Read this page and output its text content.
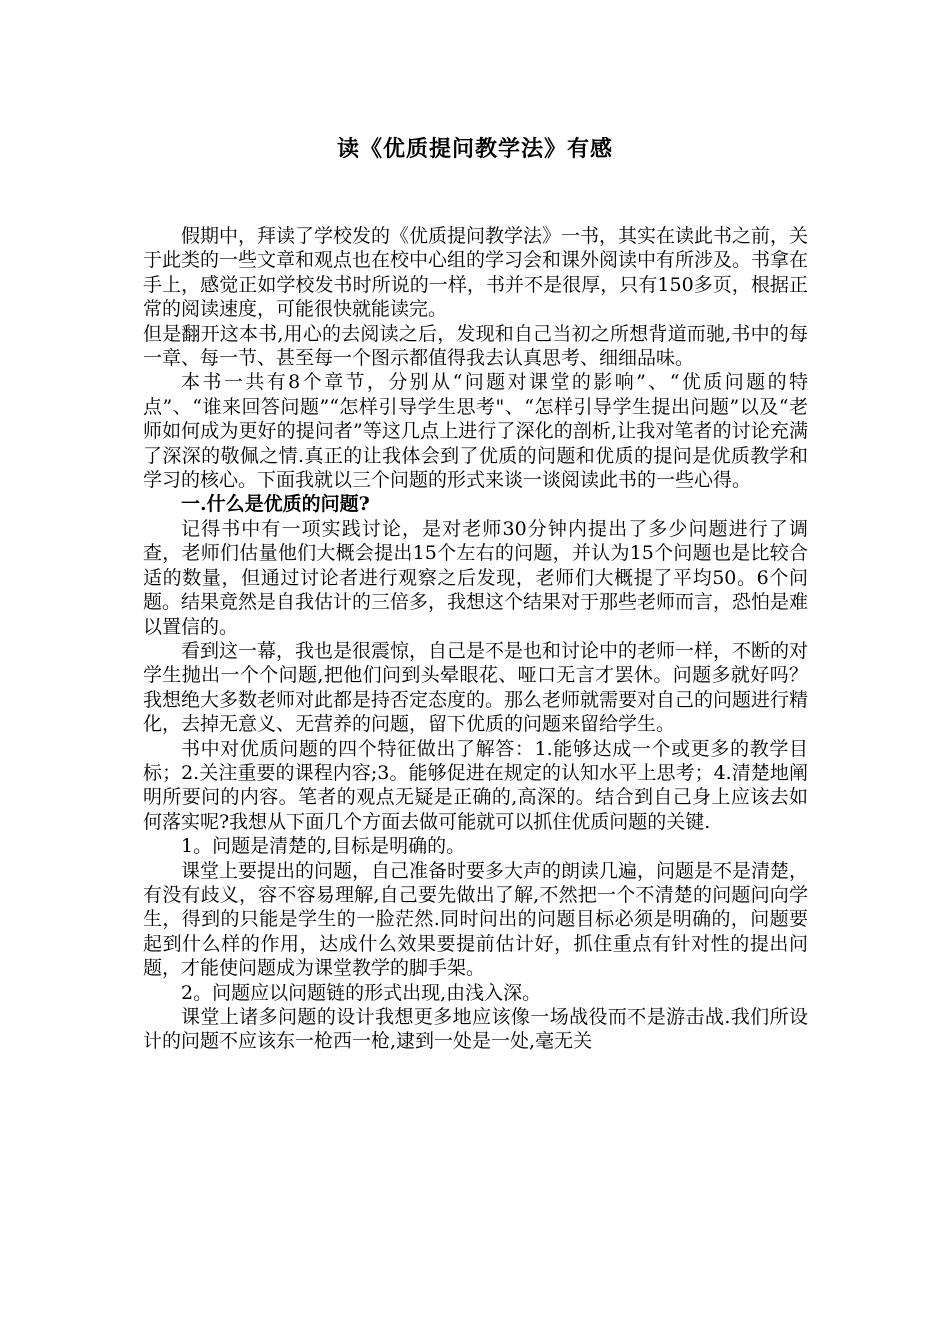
读《优质提问教学法》有感

假期中，拜读了学校发的《优质提问教学法》一书，其实在读此书之前，关于此类的一些文章和观点也在校中心组的学习会和课外阅读中有所涉及。书拿在手上，感觉正如学校发书时所说的一样，书并不是很厚，只有150多页，根据正常的阅读速度，可能很快就能读完。

但是翻开这本书,用心的去阅读之后，发现和自己当初之所想背道而驰,书中的每一章、每一节、甚至每一个图示都值得我去认真思考、细细品味。

本书一共有8个章节，分别从“问题对课堂的影响”、“优质问题的特点”、“谁来回答问题”“怎样引导学生思考"、“怎样引导学生提出问题”以及“老师如何成为更好的提问者”等这几点上进行了深化的剖析,让我对笔者的讨论充满了深深的敬佩之情.真正的让我体会到了优质的问题和优质的提问是优质教学和学习的核心。下面我就以三个问题的形式来谈一谈阅读此书的一些心得。

一.什么是优质的问题?

记得书中有一项实践讨论，是对老师30分钟内提出了多少问题进行了调查，老师们估量他们大概会提出15个左右的问题，并认为15个问题也是比较合适的数量，但通过讨论者进行观察之后发现，老师们大概提了平均50。6个问题。结果竟然是自我估计的三倍多，我想这个结果对于那些老师而言，恐怕是难以置信的。

看到这一幕，我也是很震惊，自己是不是也和讨论中的老师一样，不断的对学生抛出一个个问题,把他们问到头晕眼花、哑口无言才罢休。问题多就好吗？我想绝大多数老师对此都是持否定态度的。那么老师就需要对自己的问题进行精化，去掉无意义、无营养的问题，留下优质的问题来留给学生。

书中对优质问题的四个特征做出了解答：1.能够达成一个或更多的教学目标；2.关注重要的课程内容;3。能够促进在规定的认知水平上思考；4.清楚地阐明所要问的内容。笔者的观点无疑是正确的,高深的。结合到自己身上应该去如何落实呢?我想从下面几个方面去做可能就可以抓住优质问题的关键.

1。问题是清楚的,目标是明确的。

课堂上要提出的问题，自己准备时要多大声的朗读几遍，问题是不是清楚，有没有歧义，容不容易理解,自己要先做出了解,不然把一个不清楚的问题问向学生，得到的只能是学生的一脸茫然.同时问出的问题目标必须是明确的，问题要起到什么样的作用，达成什么效果要提前估计好，抓住重点有针对性的提出问题，才能使问题成为课堂教学的脚手架。

2。问题应以问题链的形式出现,由浅入深。

课堂上诸多问题的设计我想更多地应该像一场战役而不是游击战.我们所设计的问题不应该东一枪西一枪,逮到一处是一处,毫无关
